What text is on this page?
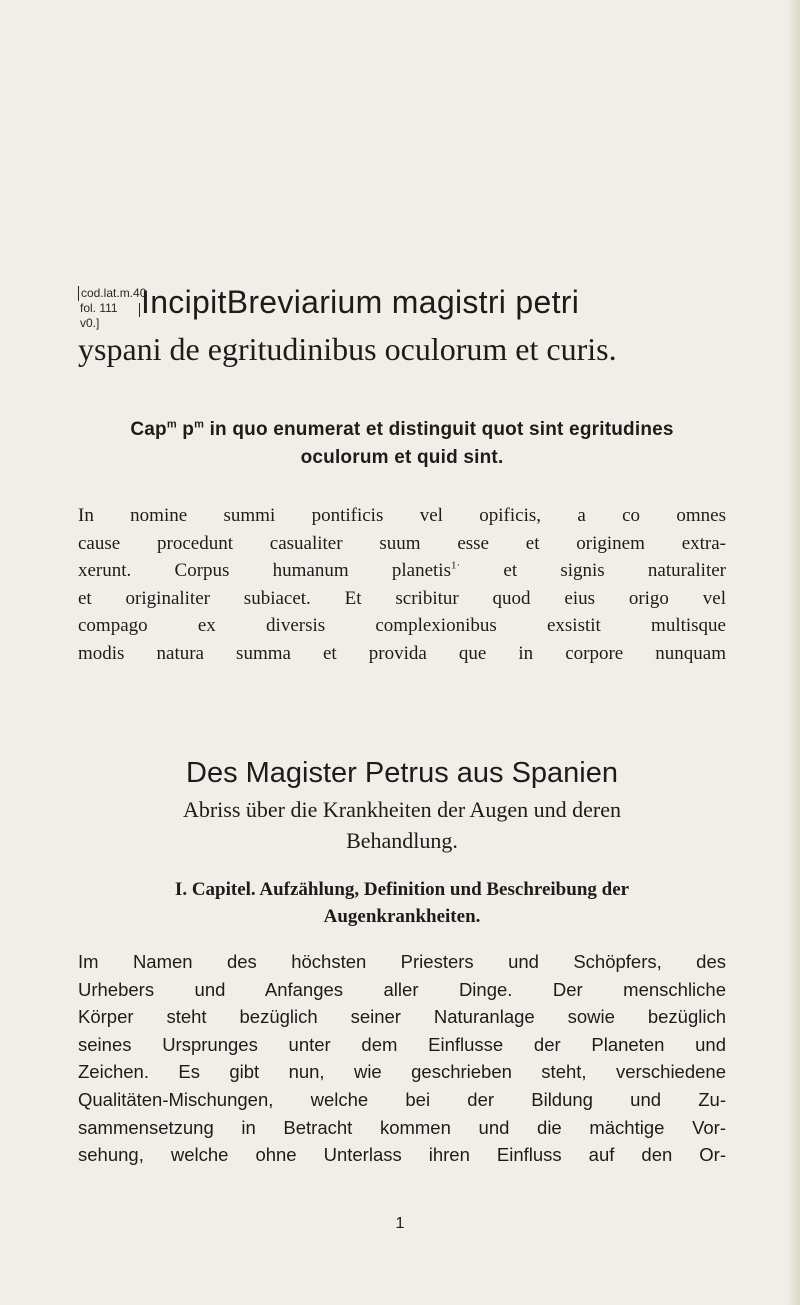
cod.lat.m.40
fol. 111 v0.]
IncipitBreviarium magistri petri
yspani de egritudinibus oculorum et curis.
Cap$^m$ $p^m$ in quo enumerat et distinguit quot sint egritudines
oculorum et quid sint.
In nomine summi pontificis vel opificis, a co omnes
cause procedunt casualiter suum esse et originem extra-
xerunt. Corpus humanum planetis$^{1\cdot}$ et signis naturaliter
et originaliter subiacet. Et scribitur quod eius origo vel
compago ex diversis complexionibus exsistit multisque
modis natura summa et provida que in corpore nunquam
Des Magister Petrus aus Spanien
Abriss über die Krankheiten der Augen und deren
Behandlung.
I. Capitel. Aufzählung, Definition und Beschreibung der
Augenkrankheiten.
Im Namen des höchsten Priesters und Schöpfers, des
Urhebers und Anfanges aller Dinge. Der menschliche
Körper steht bezüglich seiner Naturanlage sowie bezüglich
seines Ursprunges unter dem Einflusse der Planeten und
Zeichen. Es gibt nun, wie geschrieben steht, verschiedene
Qualitäten-Mischungen, welche bei der Bildung und Zu-
sammensetzung in Betracht kommen und die mächtige Vor-
sehung, welche ohne Unterlass ihren Einfluss auf den Or-
1
